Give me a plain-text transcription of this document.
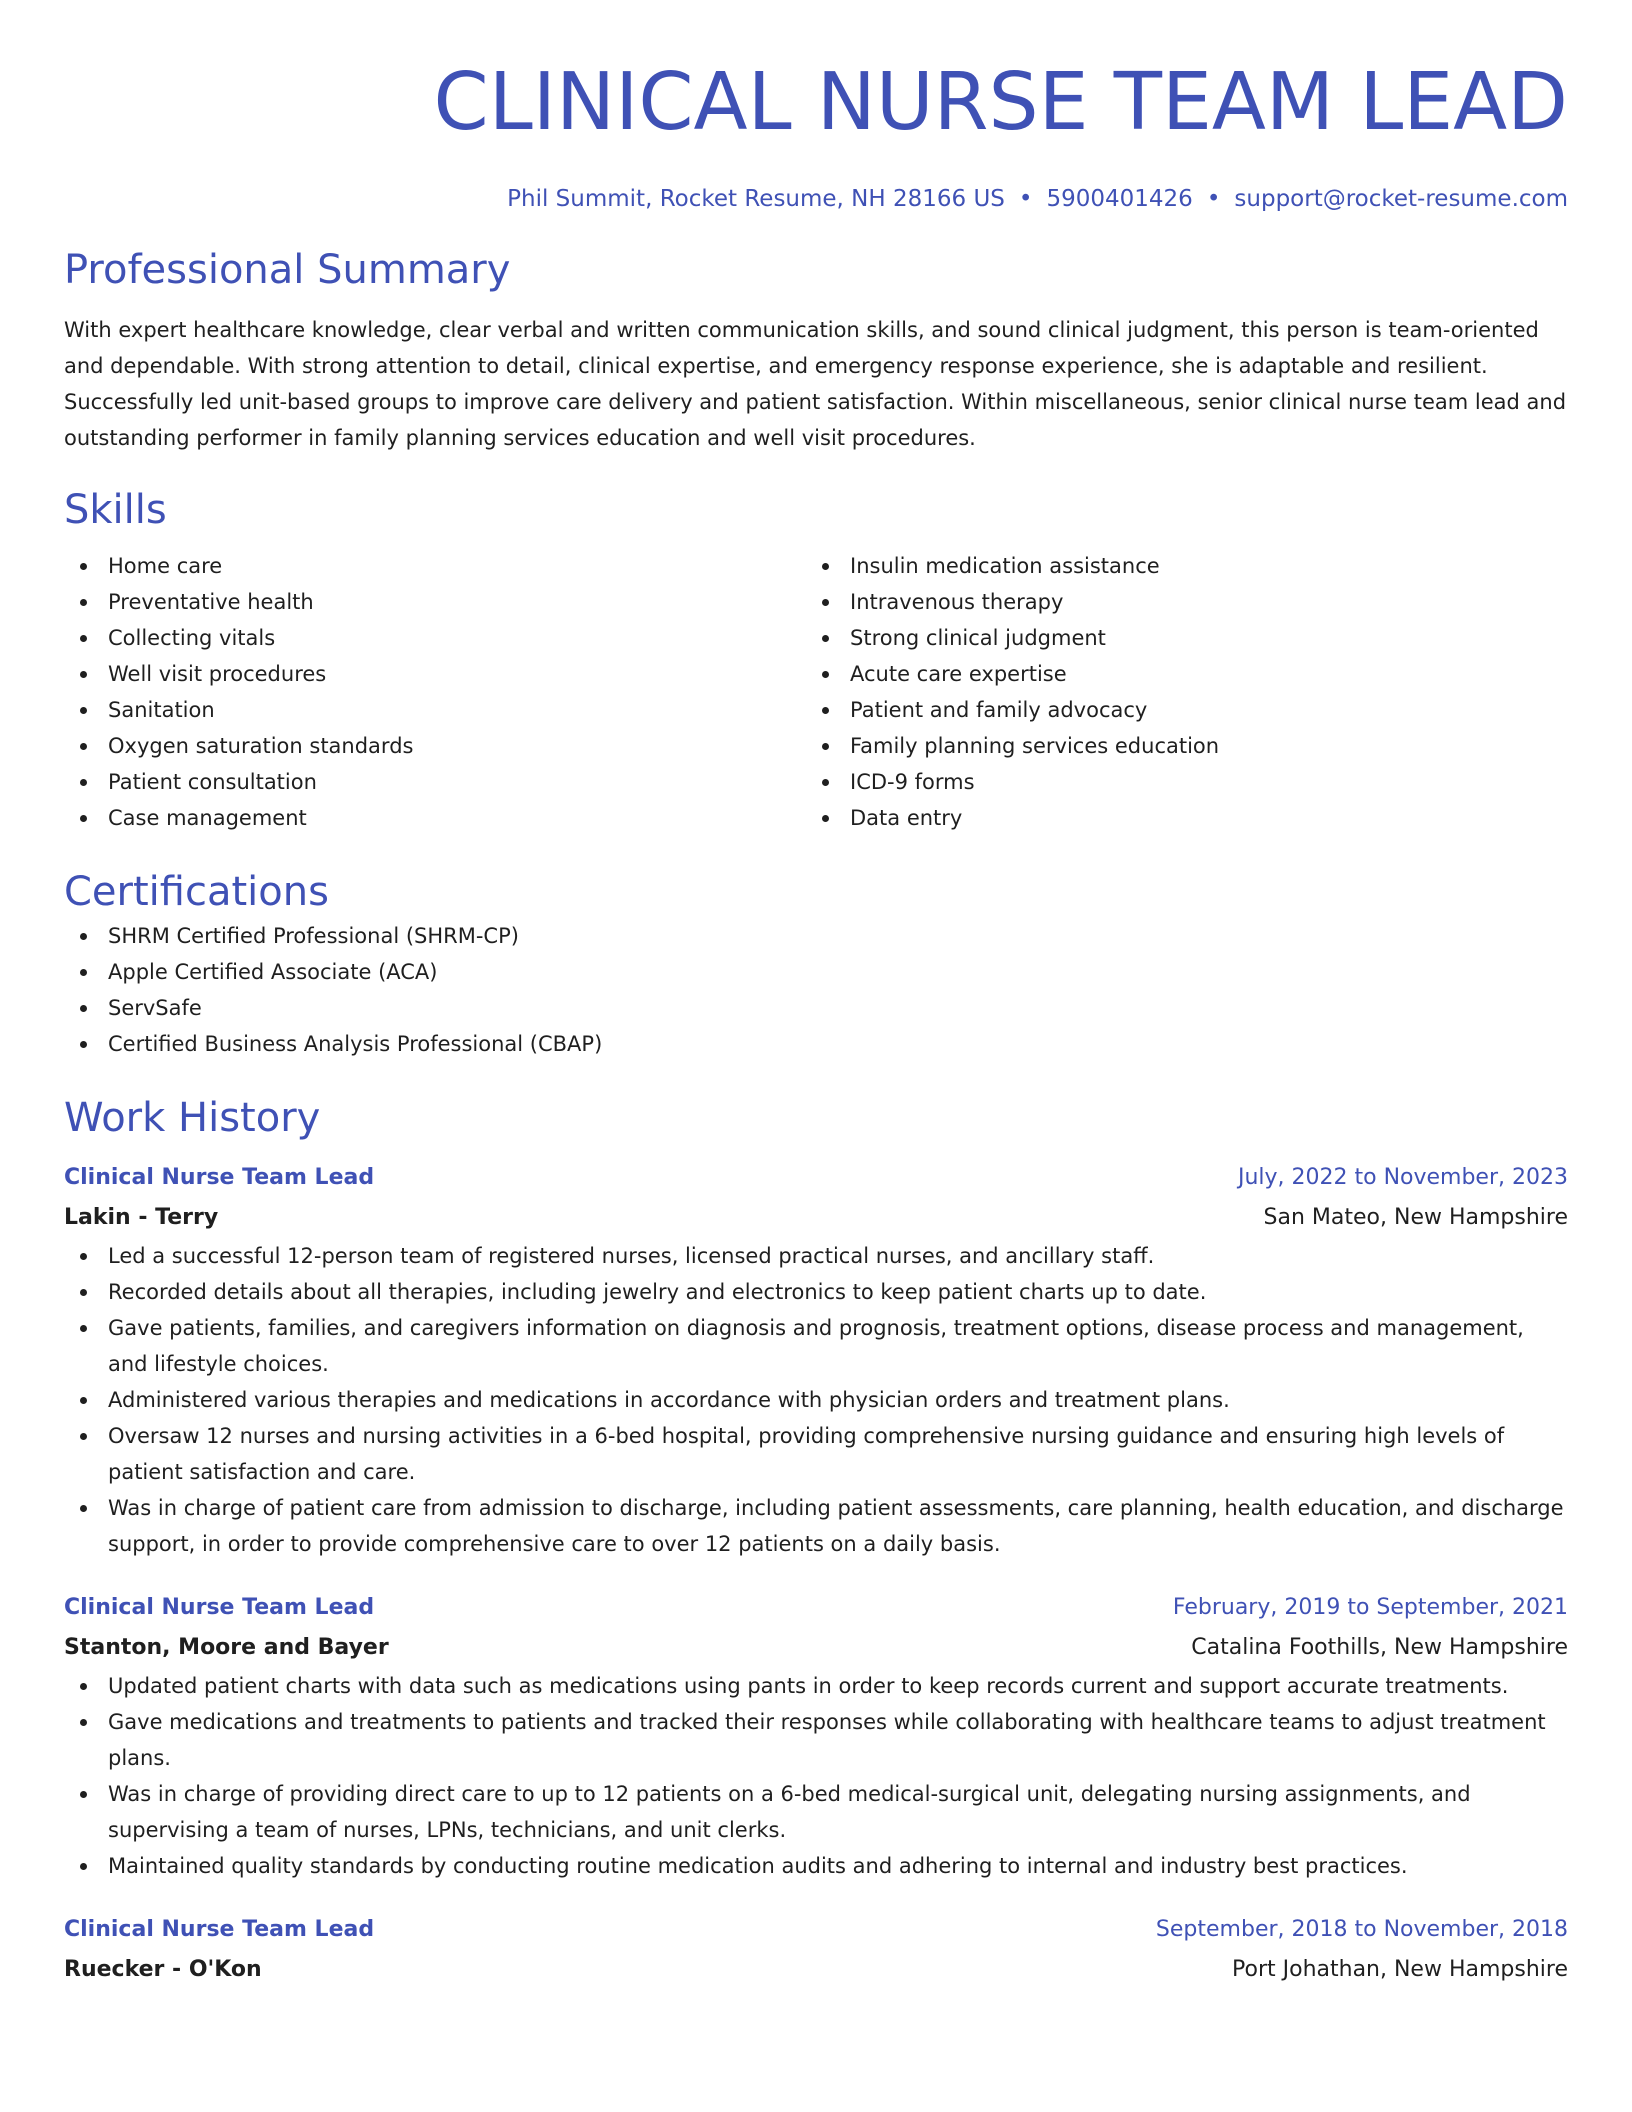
CLINICAL NURSE TEAM LEAD
Phil Summit, Rocket Resume, NH 28166 US • 5900401426 • support@rocket-resume.com
Professional Summary

With expert healthcare knowledge, clear verbal and written communication skills, and sound clinical judgment, this person is team-oriented and dependable. With strong attention to detail, clinical expertise, and emergency response experience, she is adaptable and resilient. Successfully led unit-based groups to improve care delivery and patient satisfaction. Within miscellaneous, senior clinical nurse team lead and outstanding performer in family planning services education and well visit procedures.

Skills
Home care
Preventative health
Collecting vitals
Well visit procedures
Sanitation
Oxygen saturation standards
Patient consultation
Case management
Insulin medication assistance
Intravenous therapy
Strong clinical judgment
Acute care expertise
Patient and family advocacy
Family planning services education
ICD-9 forms
Data entry
Certifications
SHRM Certified Professional (SHRM-CP)
Apple Certified Associate (ACA)
ServSafe
Certified Business Analysis Professional (CBAP)
Work History
Clinical Nurse Team Lead	July, 2022 to November, 2023
Lakin - Terry	San Mateo, New Hampshire
Led a successful 12-person team of registered nurses, licensed practical nurses, and ancillary staff.
Recorded details about all therapies, including jewelry and electronics to keep patient charts up to date.
Gave patients, families, and caregivers information on diagnosis and prognosis, treatment options, disease process and management, and lifestyle choices.
Administered various therapies and medications in accordance with physician orders and treatment plans.
Oversaw 12 nurses and nursing activities in a 6-bed hospital, providing comprehensive nursing guidance and ensuring high levels of patient satisfaction and care.
Was in charge of patient care from admission to discharge, including patient assessments, care planning, health education, and discharge support, in order to provide comprehensive care to over 12 patients on a daily basis.
Clinical Nurse Team Lead	February, 2019 to September, 2021
Stanton, Moore and Bayer	Catalina Foothills, New Hampshire
Updated patient charts with data such as medications using pants in order to keep records current and support accurate treatments.
Gave medications and treatments to patients and tracked their responses while collaborating with healthcare teams to adjust treatment plans.
Was in charge of providing direct care to up to 12 patients on a 6-bed medical-surgical unit, delegating nursing assignments, and supervising a team of nurses, LPNs, technicians, and unit clerks.
Maintained quality standards by conducting routine medication audits and adhering to internal and industry best practices.
Clinical Nurse Team Lead	September, 2018 to November, 2018
Ruecker - O'Kon	Port Johathan, New Hampshire
